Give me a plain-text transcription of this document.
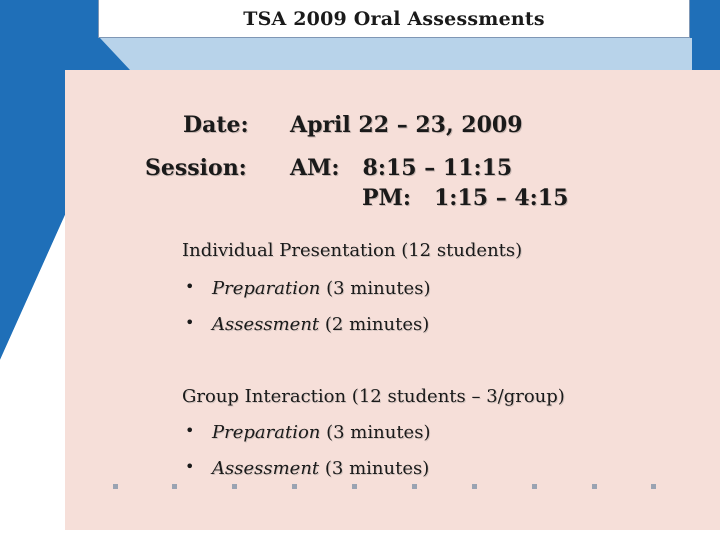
TSA 2009 Oral Assessments
Date: April 22 – 23, 2009
Session: AM:   8:15 – 11:15
PM:   1:15 – 4:15
Individual Presentation (12 students)
• Preparation (3 minutes)
• Assessment (2 minutes)
Group Interaction (12 students – 3/group)
• Preparation (3 minutes)
• Assessment (3 minutes)
